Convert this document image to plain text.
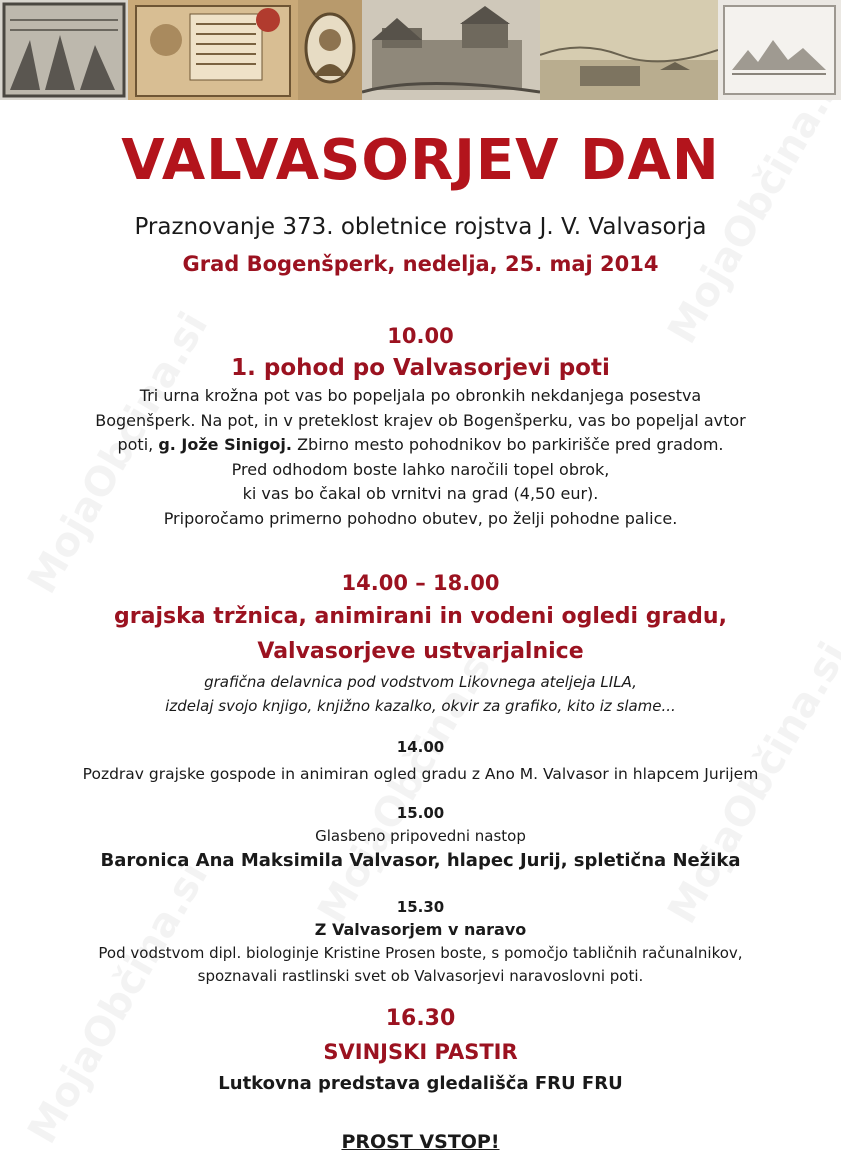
VALVASORJEV DAN
Praznovanje 373. obletnice rojstva J. V. Valvasorja
Grad Bogenšperk, nedelja, 25. maj 2014
10.00
1. pohod po Valvasorjevi poti
Tri urna krožna pot vas bo popeljala po obronkih nekdanjega posestva
Bogenšperk. Na pot, in v preteklost krajev ob Bogenšperku, vas bo popeljal avtor
poti, g. Jože Sinigoj. Zbirno mesto pohodnikov bo parkirišče pred gradom.
Pred odhodom boste lahko naročili topel obrok,
ki vas bo čakal ob vrnitvi na grad (4,50 eur).
Priporočamo primerno pohodno obutev, po želji pohodne palice.
14.00 – 18.00
grajska tržnica, animirani in vodeni ogledi gradu,
Valvasorjeve ustvarjalnice
grafična delavnica pod vodstvom Likovnega ateljeja LILA,
izdelaj svojo knjigo, knjižno kazalko, okvir za grafiko, kito iz slame...
14.00
Pozdrav grajske gospode in animiran ogled gradu z Ano M. Valvasor in hlapcem Jurijem
15.00
Glasbeno pripovedni nastop
Baronica Ana Maksimila Valvasor, hlapec Jurij, spletična Nežika
15.30
Z Valvasorjem v naravo
Pod vodstvom dipl. biologinje Kristine Prosen boste, s pomočjo tabličnih računalnikov,
spoznavali rastlinski svet ob Valvasorjevi naravoslovni poti.
16.30
SVINJSKI PASTIR
Lutkovna predstava gledališča FRU FRU
PROST VSTOP!
